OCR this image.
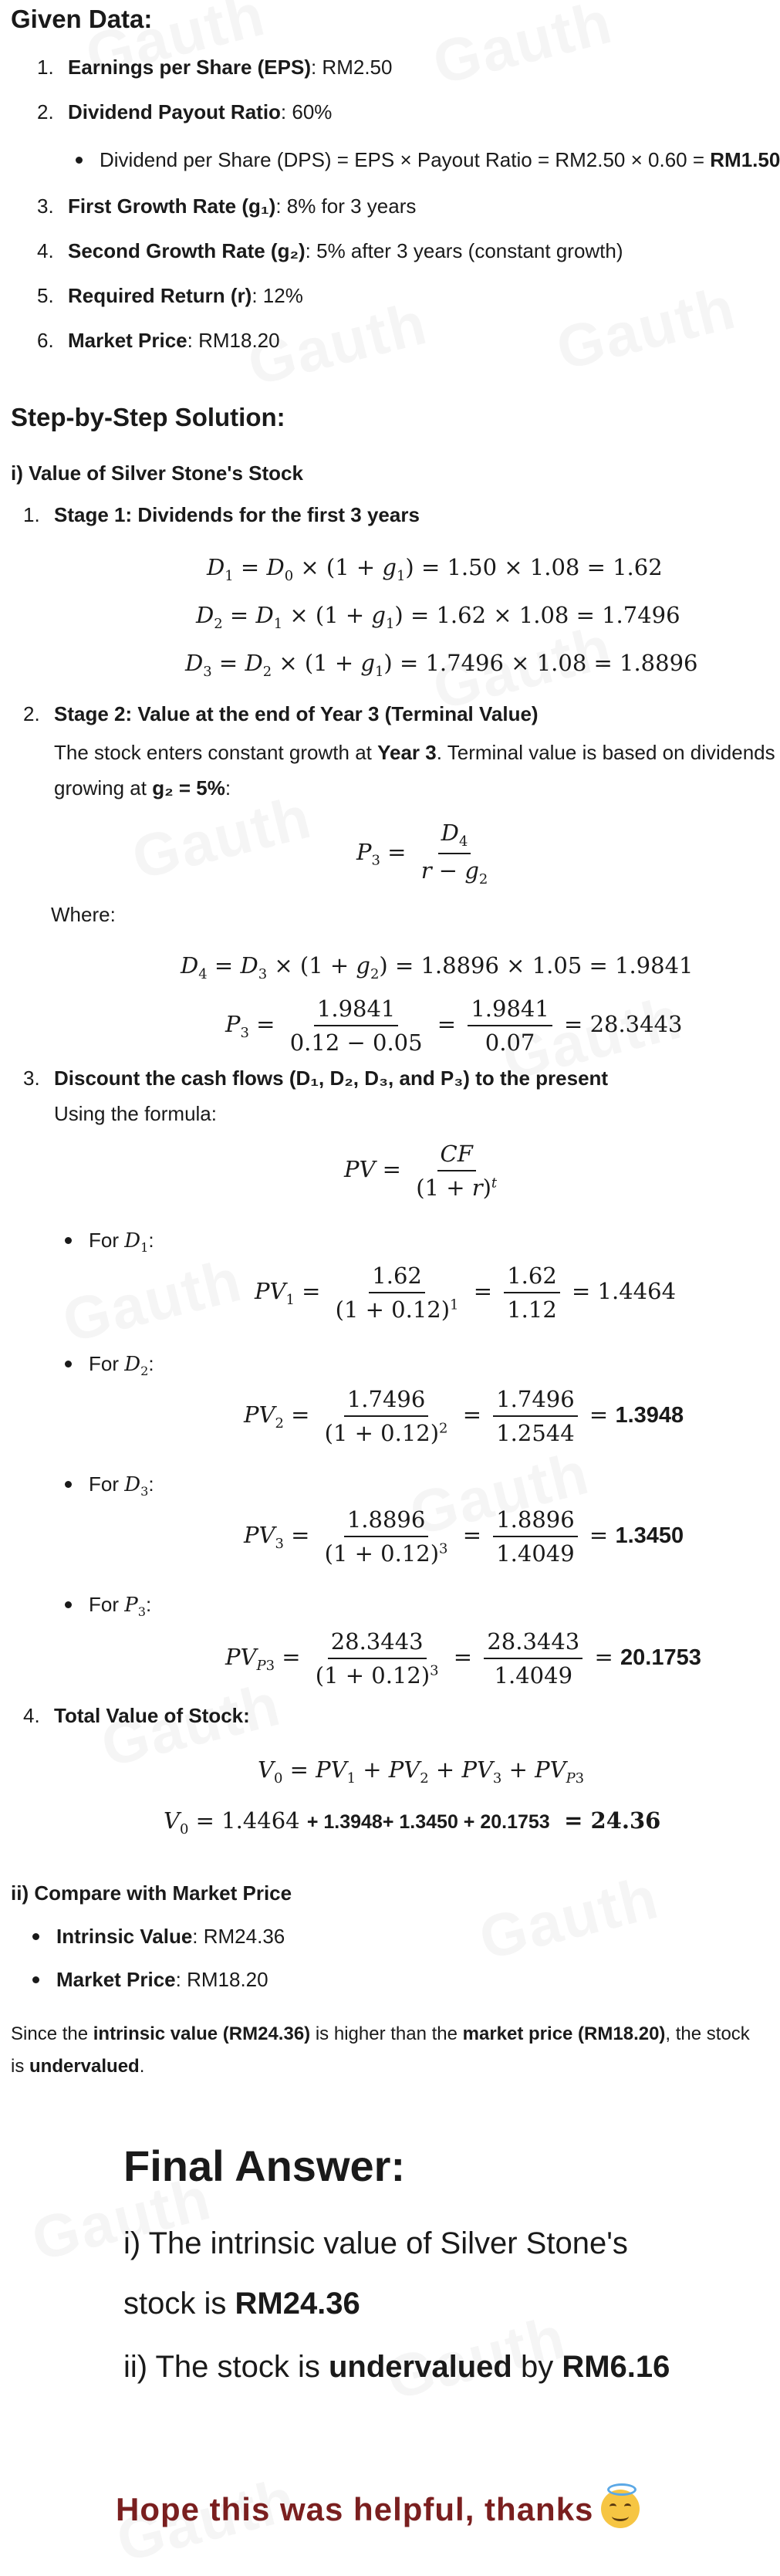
Given Data:
1. Earnings per Share (EPS): RM2.50
2. Dividend Payout Ratio: 60%
Dividend per Share (DPS) = EPS × Payout Ratio = RM2.50 × 0.60 = RM1.50
3. First Growth Rate (g₁): 8% for 3 years
4. Second Growth Rate (g₂): 5% after 3 years (constant growth)
5. Required Return (r): 12%
6. Market Price: RM18.20
Step-by-Step Solution:
i) Value of Silver Stone's Stock
1. Stage 1: Dividends for the first 3 years
$D_1 = D_0 \times (1 + g_1) = 1.50 \times 1.08 = 1.62$
$D_2 = D_1 \times (1 + g_1) = 1.62 \times 1.08 = 1.7496$
$D_3 = D_2 \times (1 + g_1) = 1.7496 \times 1.08 = 1.8896$
2. Stage 2: Value at the end of Year 3 (Terminal Value)
The stock enters constant growth at Year 3. Terminal value is based on dividends
growing at g₂ = 5%:
$P_3 = \frac{D_4}{r - g_2}$
Where:
$D_4 = D_3 \times (1 + g_2) = 1.8896 \times 1.05 = 1.9841$
$P_3 = \frac{1.9841}{0.12 - 0.05} = \frac{1.9841}{0.07} = 28.3443$
3. Discount the cash flows (D₁, D₂, D₃, and P₃) to the present
Using the formula:
PV = $\frac{CF}{(1 + r)^t}$
For $D_1$:
$PV_1 = \frac{1.62}{(1 + 0.12)^1} = \frac{1.62}{1.12} = 1.4464$
For $D_2$:
$PV_2 = \frac{1.7496}{(1 + 0.12)^2} = \frac{1.7496}{1.2544} = 1.3948$
For $D_3$:
$PV_3 = \frac{1.8896}{(1 + 0.12)^3} = \frac{1.8896}{1.4049} = 1.3450$
For $P_3$:
$PV_{P3} = \frac{28.3443}{(1 + 0.12)^3} = \frac{28.3443}{1.4049} = 20.1753$
4. Total Value of Stock:
$V_0 = PV_1 + PV_2 + PV_3 + PV_{P3}$
$V_0 = 1.4464 + 1.3948+ 1.3450 + 20.1753 = 24.36$
ii) Compare with Market Price
Intrinsic Value: RM24.36
Market Price: RM18.20
Since the intrinsic value (RM24.36) is higher than the market price (RM18.20), the stock
is undervalued.
Final Answer:
i) The intrinsic value of Silver Stone's
stock is RM24.36
ii) The stock is undervalued by RM6.16
Hope this was helpful, thanks
